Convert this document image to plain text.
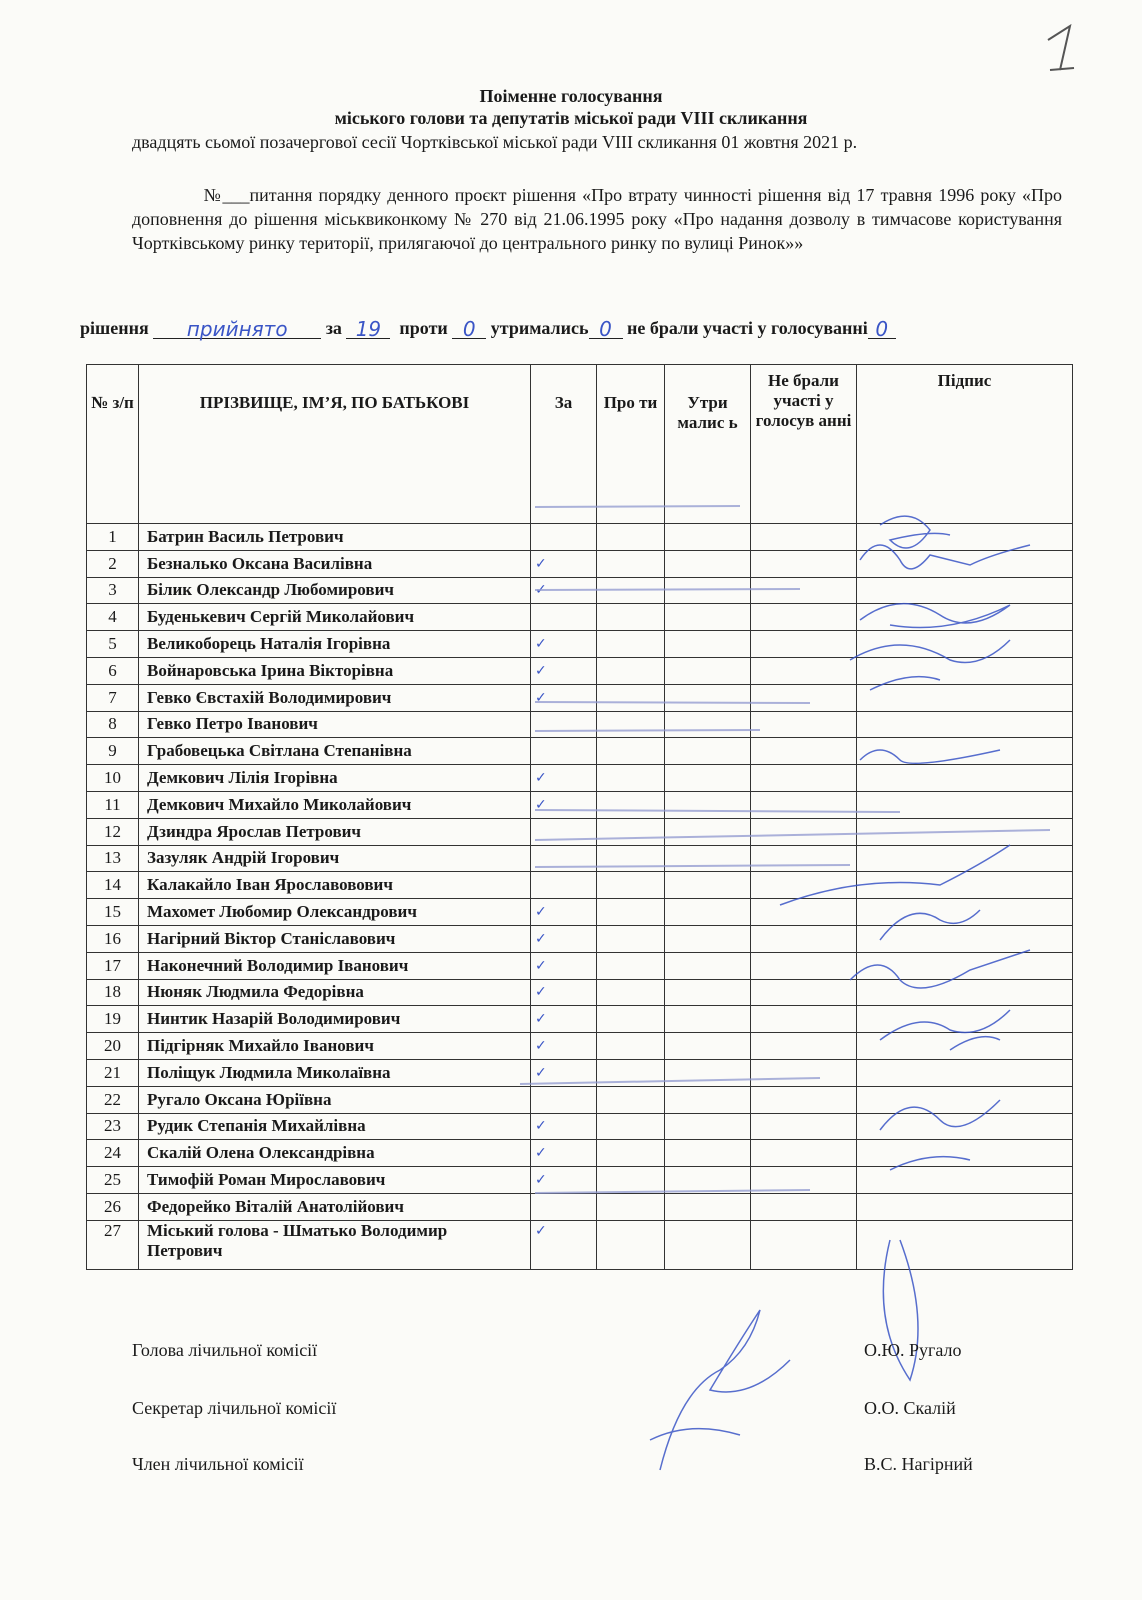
Поіменне голосування
міського голови та депутатів міської ради VIII скликання
двадцять сьомої позачергової сесії Чортківської міської ради VIII скликання 01 жовтня 2021 р.
№___питання порядку денного проєкт рішення «Про втрату чинності рішення від 17 травня 1996 року «Про доповнення до рішення міськвиконкому № 270 від 21.06.1995 року «Про надання дозволу в тимчасове користування Чортківському ринку території, прилягаючої до центрального ринку по вулиці Ринок»»
рішення прийнято за 19 проти 0 утримались 0 не брали участі у голосуванні 0
№ з/п	ПРІЗВИЩЕ, ІМ’Я, ПО БАТЬКОВІ	За	Про ти	Утри малис ь	Не брали участі у голосув анні	Підпис
1	Батрин Василь Петрович					
2	Безналько Оксана Василівна	✓				
3	Білик Олександр Любомирович	✓				
4	Буденькевич Сергій Миколайович					
5	Великоборець Наталія Ігорівна	✓				
6	Войнаровська Ірина Вікторівна	✓				
7	Гевко Євстахій Володимирович	✓				
8	Гевко Петро Іванович					
9	Грабовецька Світлана Степанівна					
10	Демкович Лілія Ігорівна	✓				
11	Демкович Михайло Миколайович	✓				
12	Дзиндра Ярослав Петрович					
13	Зазуляк Андрій Ігорович					
14	Калакайло Іван Ярославовович					
15	Махомет Любомир Олександрович	✓				
16	Нагірний Віктор Станіславович	✓				
17	Наконечний Володимир Іванович	✓				
18	Нюняк Людмила Федорівна	✓				
19	Нинтик Назарій Володимирович	✓				
20	Підгірняк Михайло Іванович	✓				
21	Поліщук Людмила Миколаївна	✓				
22	Ругало Оксана Юріївна					
23	Рудик Степанія Михайлівна	✓				
24	Скалій Олена Олександрівна	✓				
25	Тимофій Роман Мирославович	✓				
26	Федорейко Віталій Анатолійович					
27	Міський голова - Шматько Володимир Петрович	✓				
Голова лічильної комісії	О.Ю. Ругало
Секретар лічильної комісії	О.О. Скалій
Член лічильної комісії	В.С. Нагірний
